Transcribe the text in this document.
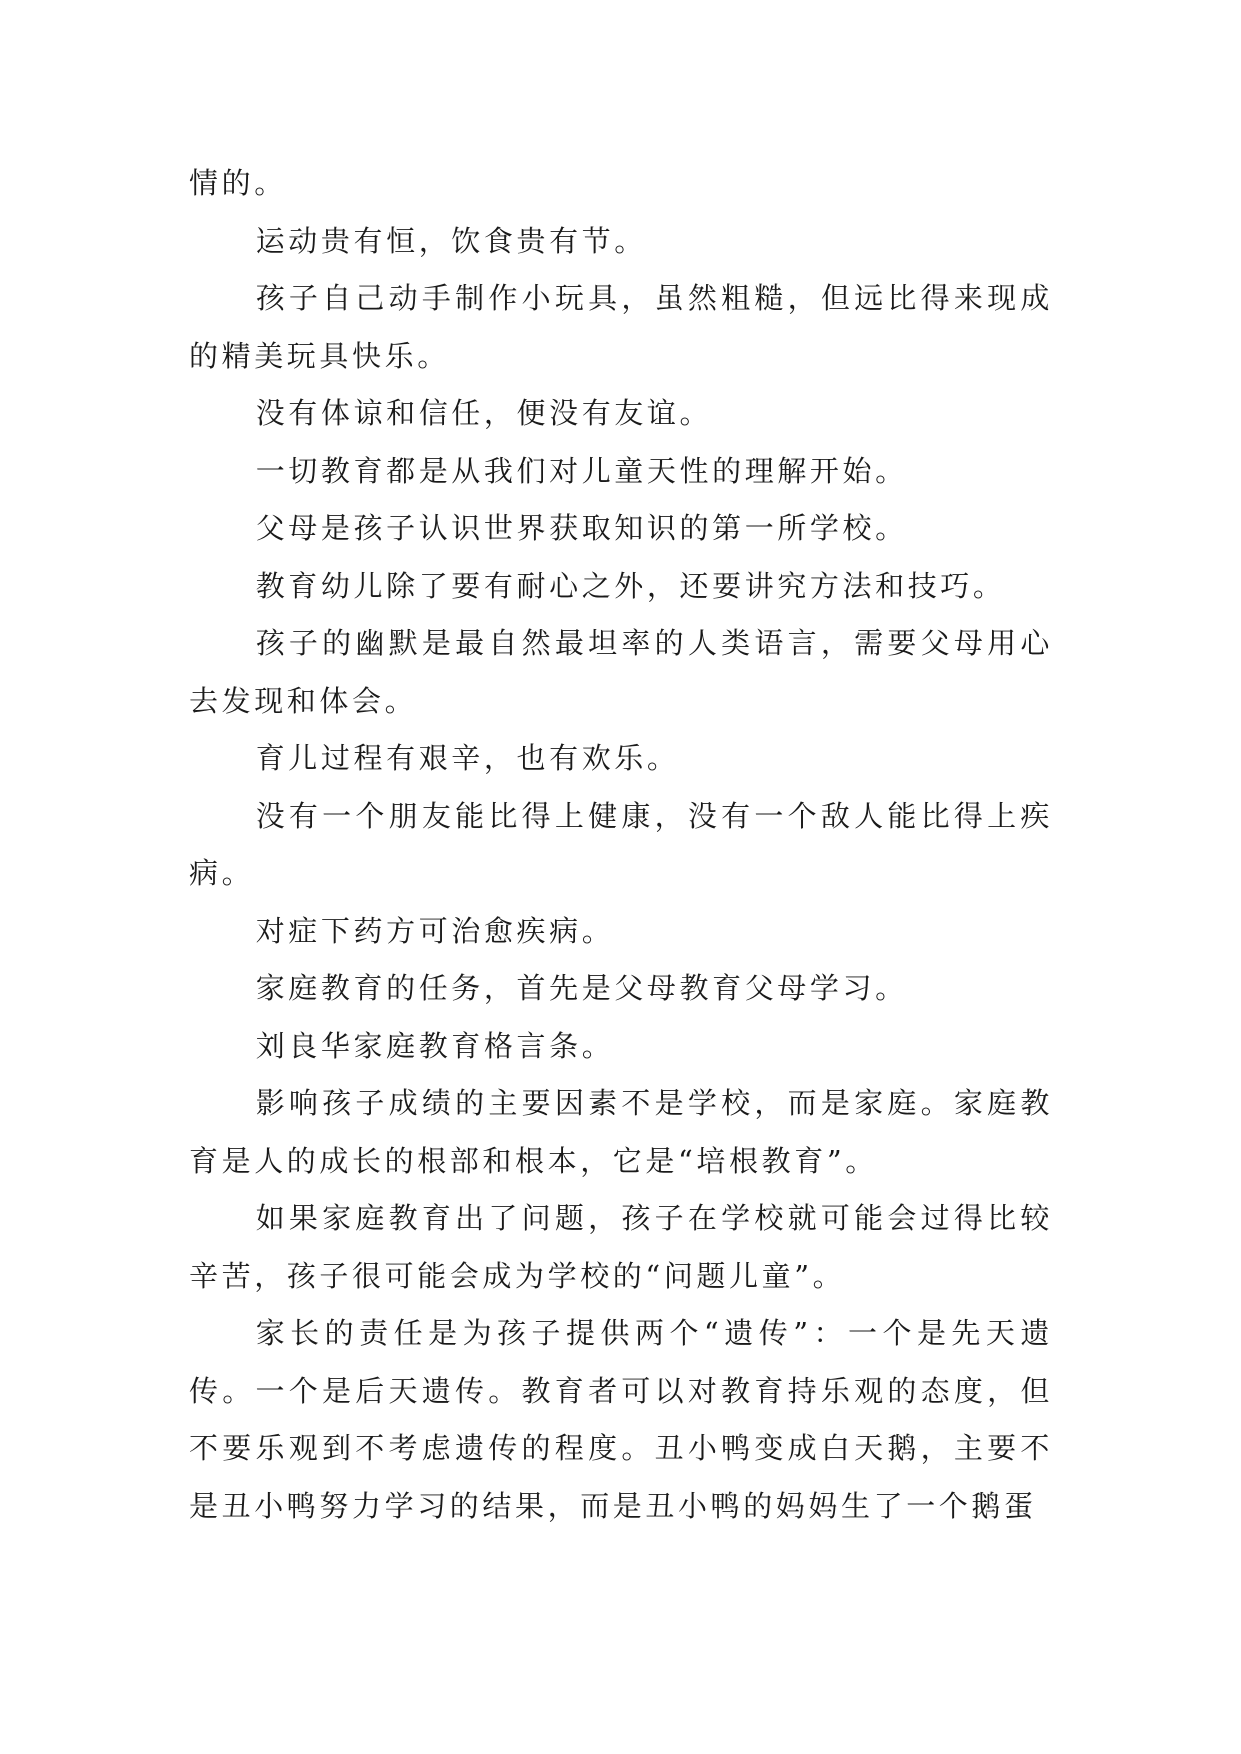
情的。

运动贵有恒，饮食贵有节。

孩子自己动手制作小玩具，虽然粗糙，但远比得来现成的精美玩具快乐。

没有体谅和信任，便没有友谊。

一切教育都是从我们对儿童天性的理解开始。

父母是孩子认识世界获取知识的第一所学校。

教育幼儿除了要有耐心之外，还要讲究方法和技巧。

孩子的幽默是最自然最坦率的人类语言，需要父母用心去发现和体会。

育儿过程有艰辛，也有欢乐。

没有一个朋友能比得上健康，没有一个敌人能比得上疾病。

对症下药方可治愈疾病。

家庭教育的任务，首先是父母教育父母学习。

刘良华家庭教育格言条。

影响孩子成绩的主要因素不是学校，而是家庭。家庭教育是人的成长的根部和根本，它是“培根教育”。

如果家庭教育出了问题，孩子在学校就可能会过得比较辛苦，孩子很可能会成为学校的“问题儿童”。

家长的责任是为孩子提供两个“遗传”：一个是先天遗传。一个是后天遗传。教育者可以对教育持乐观的态度，但不要乐观到不考虑遗传的程度。丑小鸭变成白天鹅，主要不是丑小鸭努力学习的结果，而是丑小鸭的妈妈生了一个鹅蛋
